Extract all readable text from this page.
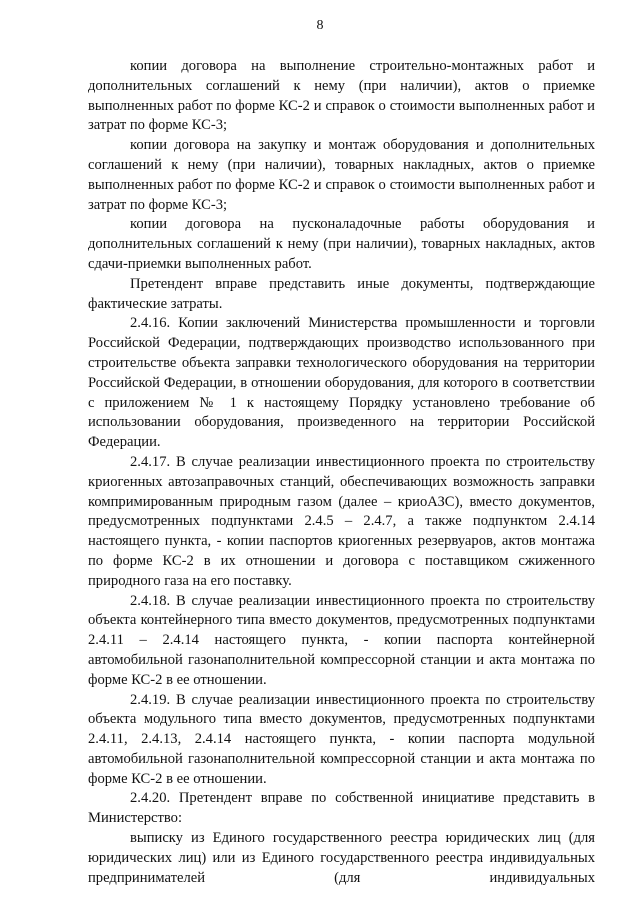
8

копии договора на выполнение строительно-монтажных работ и дополнительных соглашений к нему (при наличии), актов о приемке выполненных работ по форме КС-2 и справок о стоимости выполненных работ и затрат по форме КС-3;

копии договора на закупку и монтаж оборудования и дополнительных соглашений к нему (при наличии), товарных накладных, актов о приемке выполненных работ по форме КС-2 и справок о стоимости выполненных работ и затрат по форме КС-3;

копии договора на пусконаладочные работы оборудования и дополнительных соглашений к нему (при наличии), товарных накладных, актов сдачи-приемки выполненных работ.

Претендент вправе представить иные документы, подтверждающие фактические затраты.

2.4.16. Копии заключений Министерства промышленности и торговли Российской Федерации, подтверждающих производство использованного при строительстве объекта заправки технологического оборудования на территории Российской Федерации, в отношении оборудования, для которого в соответствии с приложением № 1 к настоящему Порядку установлено требование об использовании оборудования, произведенного на территории Российской Федерации.

2.4.17. В случае реализации инвестиционного проекта по строительству криогенных автозаправочных станций, обеспечивающих возможность заправки компримированным природным газом (далее – криоАЗС), вместо документов, предусмотренных подпунктами 2.4.5 – 2.4.7, а также подпунктом 2.4.14 настоящего пункта, - копии паспортов криогенных резервуаров, актов монтажа по форме КС-2 в их отношении и договора с поставщиком сжиженного природного газа на его поставку.

2.4.18. В случае реализации инвестиционного проекта по строительству объекта контейнерного типа вместо документов, предусмотренных подпунктами 2.4.11 – 2.4.14 настоящего пункта, - копии паспорта контейнерной автомобильной газонаполнительной компрессорной станции и акта монтажа по форме КС-2 в ее отношении.

2.4.19. В случае реализации инвестиционного проекта по строительству объекта модульного типа вместо документов, предусмотренных подпунктами 2.4.11, 2.4.13, 2.4.14 настоящего пункта, - копии паспорта модульной автомобильной газонаполнительной компрессорной станции и акта монтажа по форме КС-2 в ее отношении.

2.4.20. Претендент вправе по собственной инициативе представить в Министерство:

выписку из Единого государственного реестра юридических лиц (для юридических лиц) или из Единого государственного реестра индивидуальных предпринимателей (для индивидуальных
